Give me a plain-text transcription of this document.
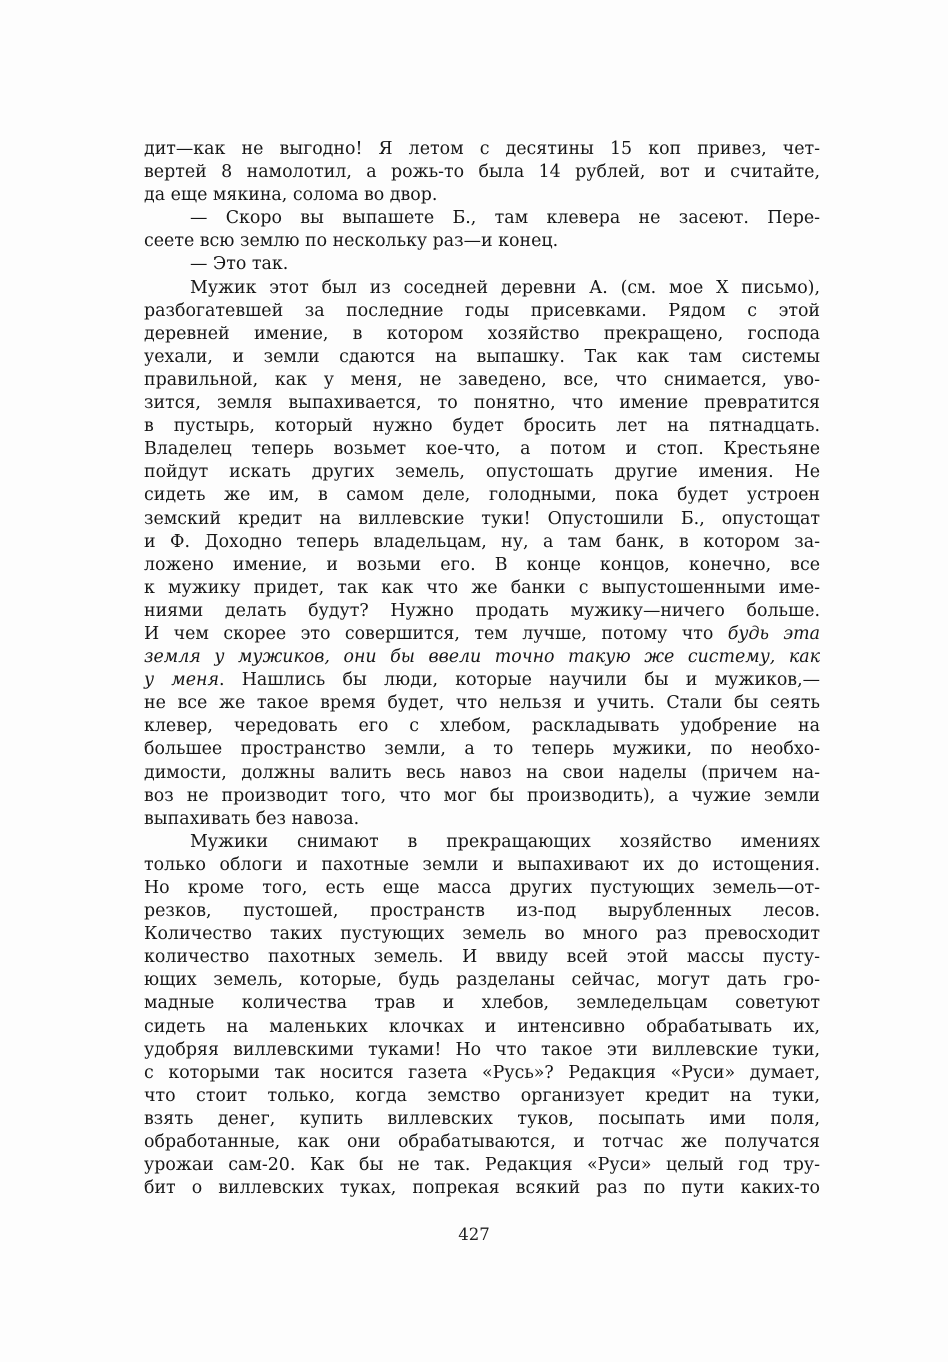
дит—как не выгодно! Я летом с десятины 15 коп привез, чет-
вертей 8 намолотил, а рожь-то была 14 рублей, вот и считайте,
да еще мякина, солома во двор.
— Скоро вы выпашете Б., там клевера не засеют. Пере-
сеете всю землю по нескольку раз—и конец.
— Это так.
Мужик этот был из соседней деревни А. (см. мое X письмо),
разбогатевшей за последние годы присевками. Рядом с этой
деревней имение, в котором хозяйство прекращено, господа
уехали, и земли сдаются на выпашку. Так как там системы
правильной, как у меня, не заведено, все, что снимается, уво-
зится, земля выпахивается, то понятно, что имение превратится
в пустырь, который нужно будет бросить лет на пятнадцать.
Владелец теперь возьмет кое-что, а потом и стоп. Крестьяне
пойдут искать других земель, опустошать другие имения. Не
сидеть же им, в самом деле, голодными, пока будет устроен
земский кредит на виллевские туки! Опустошили Б., опустощат
и Ф. Доходно теперь владельцам, ну, а там банк, в котором за-
ложено имение, и возьми его. В конце концов, конечно, все
к мужику придет, так как что же банки с выпустошенными име-
ниями делать будут? Нужно продать мужику—ничего больше.
И чем скорее это совершится, тем лучше, потому что будь эта
земля у мужиков, они бы ввели точно такую же систему, как
у меня. Нашлись бы люди, которые научили бы и мужиков,—
не все же такое время будет, что нельзя и учить. Стали бы сеять
клевер, чередовать его с хлебом, раскладывать удобрение на
большее пространство земли, а то теперь мужики, по необхо-
димости, должны валить весь навоз на свои наделы (причем на-
воз не производит того, что мог бы производить), а чужие земли
выпахивать без навоза.
Мужики снимают в прекращающих хозяйство имениях
только облоги и пахотные земли и выпахивают их до истощения.
Но кроме того, есть еще масса других пустующих земель—от-
резков, пустошей, пространств из-под вырубленных лесов.
Количество таких пустующих земель во много раз превосходит
количество пахотных земель. И ввиду всей этой массы пусту-
ющих земель, которые, будь разделаны сейчас, могут дать гро-
мадные количества трав и хлебов, земледельцам советуют
сидеть на маленьких клочках и интенсивно обрабатывать их,
удобряя виллевскими туками! Но что такое эти виллевские туки,
с которыми так носится газета «Русь»? Редакция «Руси» думает,
что стоит только, когда земство организует кредит на туки,
взять денег, купить виллевских туков, посыпать ими поля,
обработанные, как они обрабатываются, и тотчас же получатся
урожаи сам-20. Как бы не так. Редакция «Руси» целый год тру-
бит о виллевских туках, попрекая всякий раз по пути каких-то
427
